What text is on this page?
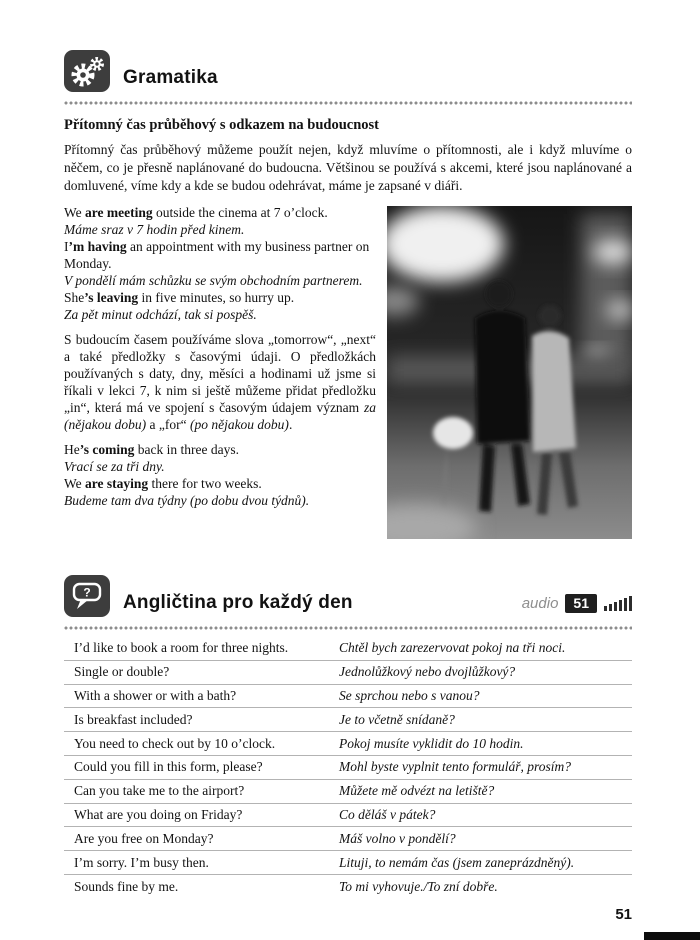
Gramatika
Přítomný čas průběhový s odkazem na budoucnost

Přítomný čas průběhový můžeme použít nejen, když mluvíme o přítomnosti, ale i když mluvíme o něčem, co je přesně naplánované do budoucna. Většinou se používá s akcemi, které jsou naplánované a domluvené, víme kdy a kde se budou odehrávat, máme je zapsané v diáři.

We are meeting outside the cinema at 7 o’clock.

Máme sraz v 7 hodin před kinem.

I’m having an appointment with my business partner on Monday.

V pondělí mám schůzku se svým obchodním partnerem.

She’s leaving in five minutes, so hurry up.

Za pět minut odchází, tak si pospěš.

S budoucím časem používáme slova „tomorrow“, „next“ a také předložky s časovými údaji. O předložkách používaných s daty, dny, měsíci a hodinami už jsme si říkali v lekci 7, k nim si ještě můžeme přidat předložku „in“, která má ve spojení s časovým údajem význam za (nějakou dobu) a „for“ (po nějakou dobu).

He’s coming back in three days.

Vrací se za tři dny.

We are staying there for two weeks.

Budeme tam dva týdny (po dobu dvou týdnů).

? Angličtina pro každý den	audio	51
I’d like to book a room for three nights.	Chtěl bych zarezervovat pokoj na tři noci.
Single or double?	Jednolůžkový nebo dvojlůžkový?
With a shower or with a bath?	Se sprchou nebo s vanou?
Is breakfast included?	Je to včetně snídaně?
You need to check out by 10 o’clock.	Pokoj musíte vyklidit do 10 hodin.
Could you fill in this form, please?	Mohl byste vyplnit tento formulář, prosím?
Can you take me to the airport?	Můžete mě odvézt na letiště?
What are you doing on Friday?	Co děláš v pátek?
Are you free on Monday?	Máš volno v pondělí?
I’m sorry. I’m busy then.	Lituji, to nemám čas (jsem zaneprázdněný).
Sounds fine by me.	To mi vyhovuje./To zní dobře.
51
